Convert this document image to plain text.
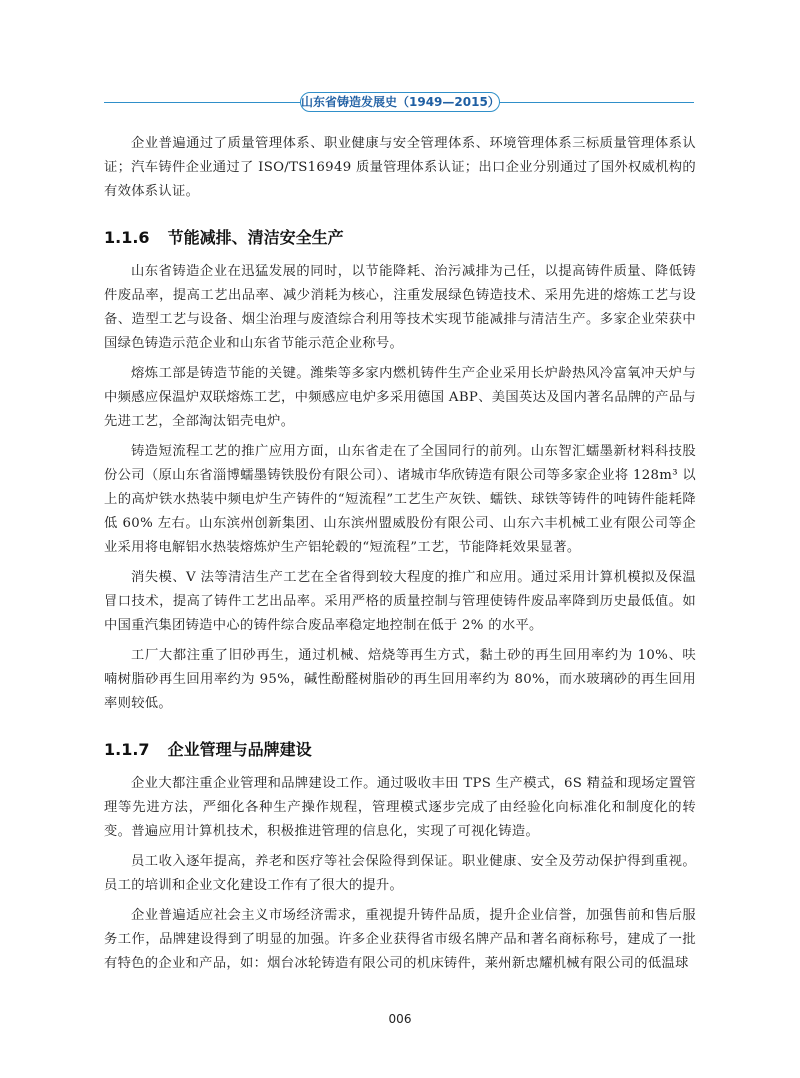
山东省铸造发展史（1949—2015）

企业普遍通过了质量管理体系、职业健康与安全管理体系、环境管理体系三标质量管理体系认证；汽车铸件企业通过了 ISO/TS16949 质量管理体系认证；出口企业分别通过了国外权威机构的有效体系认证。

1.1.6 节能减排、清洁安全生产

山东省铸造企业在迅猛发展的同时，以节能降耗、治污减排为己任，以提高铸件质量、降低铸件废品率，提高工艺出品率、减少消耗为核心，注重发展绿色铸造技术、采用先进的熔炼工艺与设备、造型工艺与设备、烟尘治理与废渣综合利用等技术实现节能减排与清洁生产。多家企业荣获中国绿色铸造示范企业和山东省节能示范企业称号。

熔炼工部是铸造节能的关键。潍柴等多家内燃机铸件生产企业采用长炉龄热风冷富氧冲天炉与中频感应保温炉双联熔炼工艺，中频感应电炉多采用德国 ABP、美国英达及国内著名品牌的产品与先进工艺，全部淘汰铝壳电炉。

铸造短流程工艺的推广应用方面，山东省走在了全国同行的前列。山东智汇蠕墨新材料科技股份公司（原山东省淄博蠕墨铸铁股份有限公司）、诸城市华欣铸造有限公司等多家企业将 128m³ 以上的高炉铁水热装中频电炉生产铸件的“短流程”工艺生产灰铁、蠕铁、球铁等铸件的吨铸件能耗降低 60% 左右。山东滨州创新集团、山东滨州盟威股份有限公司、山东六丰机械工业有限公司等企业采用将电解铝水热装熔炼炉生产铝轮毂的“短流程”工艺，节能降耗效果显著。

消失模、V 法等清洁生产工艺在全省得到较大程度的推广和应用。通过采用计算机模拟及保温冒口技术，提高了铸件工艺出品率。采用严格的质量控制与管理使铸件废品率降到历史最低值。如中国重汽集团铸造中心的铸件综合废品率稳定地控制在低于 2% 的水平。

工厂大都注重了旧砂再生，通过机械、焙烧等再生方式，黏土砂的再生回用率约为 10%、呋喃树脂砂再生回用率约为 95%，碱性酚醛树脂砂的再生回用率约为 80%，而水玻璃砂的再生回用率则较低。

1.1.7 企业管理与品牌建设

企业大都注重企业管理和品牌建设工作。通过吸收丰田 TPS 生产模式，6S 精益和现场定置管理等先进方法，严细化各种生产操作规程，管理模式逐步完成了由经验化向标准化和制度化的转变。普遍应用计算机技术，积极推进管理的信息化，实现了可视化铸造。

员工收入逐年提高，养老和医疗等社会保险得到保证。职业健康、安全及劳动保护得到重视。员工的培训和企业文化建设工作有了很大的提升。

企业普遍适应社会主义市场经济需求，重视提升铸件品质，提升企业信誉，加强售前和售后服务工作，品牌建设得到了明显的加强。许多企业获得省市级名牌产品和著名商标称号，建成了一批有特色的企业和产品，如：烟台冰轮铸造有限公司的机床铸件，莱州新忠耀机械有限公司的低温球

006
